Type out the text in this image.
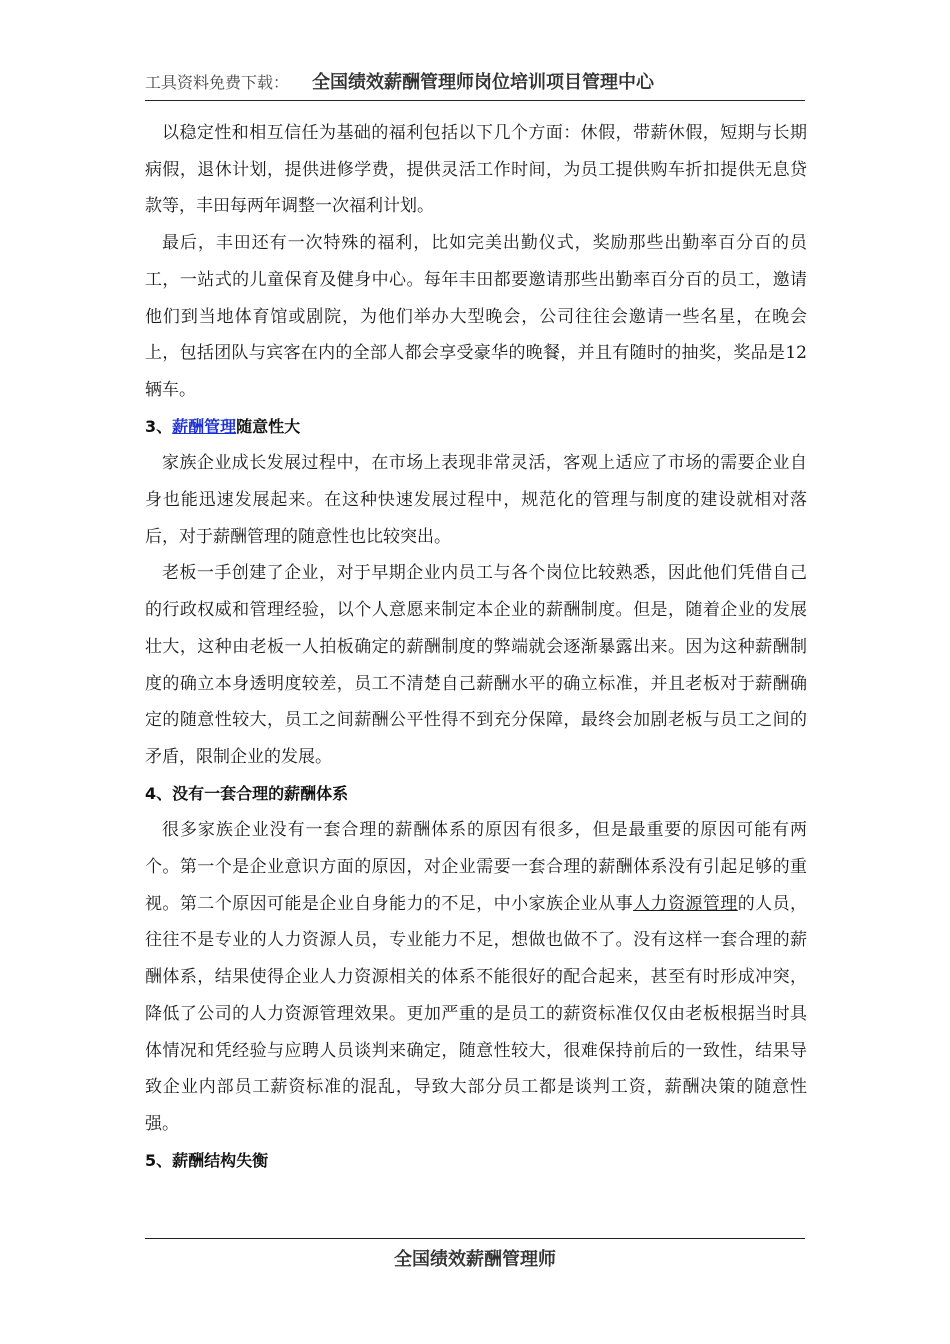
工具资料免费下载： 全国绩效薪酬管理师岗位培训项目管理中心

以稳定性和相互信任为基础的福利包括以下几个方面：休假，带薪休假，短期与长期病假，退休计划，提供进修学费，提供灵活工作时间，为员工提供购车折扣提供无息贷款等，丰田每两年调整一次福利计划。

最后，丰田还有一次特殊的福利，比如完美出勤仪式，奖励那些出勤率百分百的员工，一站式的儿童保育及健身中心。每年丰田都要邀请那些出勤率百分百的员工，邀请他们到当地体育馆或剧院，为他们举办大型晚会，公司往往会邀请一些名星，在晚会上，包括团队与宾客在内的全部人都会享受豪华的晚餐，并且有随时的抽奖，奖品是12辆车。

3、薪酬管理随意性大

家族企业成长发展过程中，在市场上表现非常灵活，客观上适应了市场的需要企业自身也能迅速发展起来。在这种快速发展过程中，规范化的管理与制度的建设就相对落后，对于薪酬管理的随意性也比较突出。

老板一手创建了企业，对于早期企业内员工与各个岗位比较熟悉，因此他们凭借自己的行政权威和管理经验，以个人意愿来制定本企业的薪酬制度。但是，随着企业的发展壮大，这种由老板一人拍板确定的薪酬制度的弊端就会逐渐暴露出来。因为这种薪酬制度的确立本身透明度较差，员工不清楚自己薪酬水平的确立标准，并且老板对于薪酬确定的随意性较大，员工之间薪酬公平性得不到充分保障，最终会加剧老板与员工之间的矛盾，限制企业的发展。

4、没有一套合理的薪酬体系

很多家族企业没有一套合理的薪酬体系的原因有很多，但是最重要的原因可能有两个。第一个是企业意识方面的原因，对企业需要一套合理的薪酬体系没有引起足够的重视。第二个原因可能是企业自身能力的不足，中小家族企业从事人力资源管理的人员，往往不是专业的人力资源人员，专业能力不足，想做也做不了。没有这样一套合理的薪酬体系，结果使得企业人力资源相关的体系不能很好的配合起来，甚至有时形成冲突，降低了公司的人力资源管理效果。更加严重的是员工的薪资标准仅仅由老板根据当时具体情况和凭经验与应聘人员谈判来确定，随意性较大，很难保持前后的一致性，结果导致企业内部员工薪资标准的混乱，导致大部分员工都是谈判工资，薪酬决策的随意性强。

5、薪酬结构失衡

全国绩效薪酬管理师
